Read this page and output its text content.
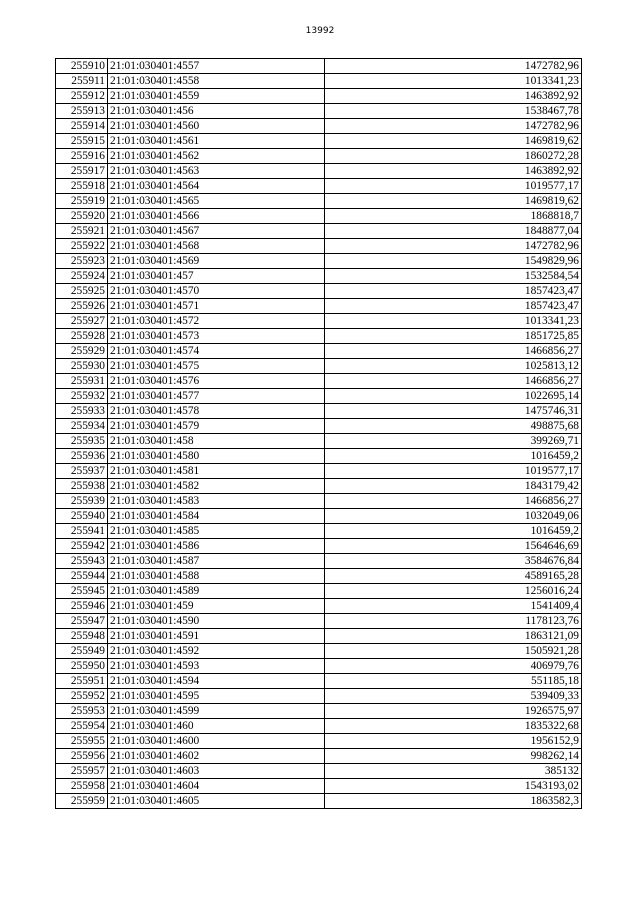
13992
255910	21:01:030401:4557	1472782,96
255911	21:01:030401:4558	1013341,23
255912	21:01:030401:4559	1463892,92
255913	21:01:030401:456	1538467,78
255914	21:01:030401:4560	1472782,96
255915	21:01:030401:4561	1469819,62
255916	21:01:030401:4562	1860272,28
255917	21:01:030401:4563	1463892,92
255918	21:01:030401:4564	1019577,17
255919	21:01:030401:4565	1469819,62
255920	21:01:030401:4566	1868818,7
255921	21:01:030401:4567	1848877,04
255922	21:01:030401:4568	1472782,96
255923	21:01:030401:4569	1549829,96
255924	21:01:030401:457	1532584,54
255925	21:01:030401:4570	1857423,47
255926	21:01:030401:4571	1857423,47
255927	21:01:030401:4572	1013341,23
255928	21:01:030401:4573	1851725,85
255929	21:01:030401:4574	1466856,27
255930	21:01:030401:4575	1025813,12
255931	21:01:030401:4576	1466856,27
255932	21:01:030401:4577	1022695,14
255933	21:01:030401:4578	1475746,31
255934	21:01:030401:4579	498875,68
255935	21:01:030401:458	399269,71
255936	21:01:030401:4580	1016459,2
255937	21:01:030401:4581	1019577,17
255938	21:01:030401:4582	1843179,42
255939	21:01:030401:4583	1466856,27
255940	21:01:030401:4584	1032049,06
255941	21:01:030401:4585	1016459,2
255942	21:01:030401:4586	1564646,69
255943	21:01:030401:4587	3584676,84
255944	21:01:030401:4588	4589165,28
255945	21:01:030401:4589	1256016,24
255946	21:01:030401:459	1541409,4
255947	21:01:030401:4590	1178123,76
255948	21:01:030401:4591	1863121,09
255949	21:01:030401:4592	1505921,28
255950	21:01:030401:4593	406979,76
255951	21:01:030401:4594	551185,18
255952	21:01:030401:4595	539409,33
255953	21:01:030401:4599	1926575,97
255954	21:01:030401:460	1835322,68
255955	21:01:030401:4600	1956152,9
255956	21:01:030401:4602	998262,14
255957	21:01:030401:4603	385132
255958	21:01:030401:4604	1543193,02
255959	21:01:030401:4605	1863582,3
